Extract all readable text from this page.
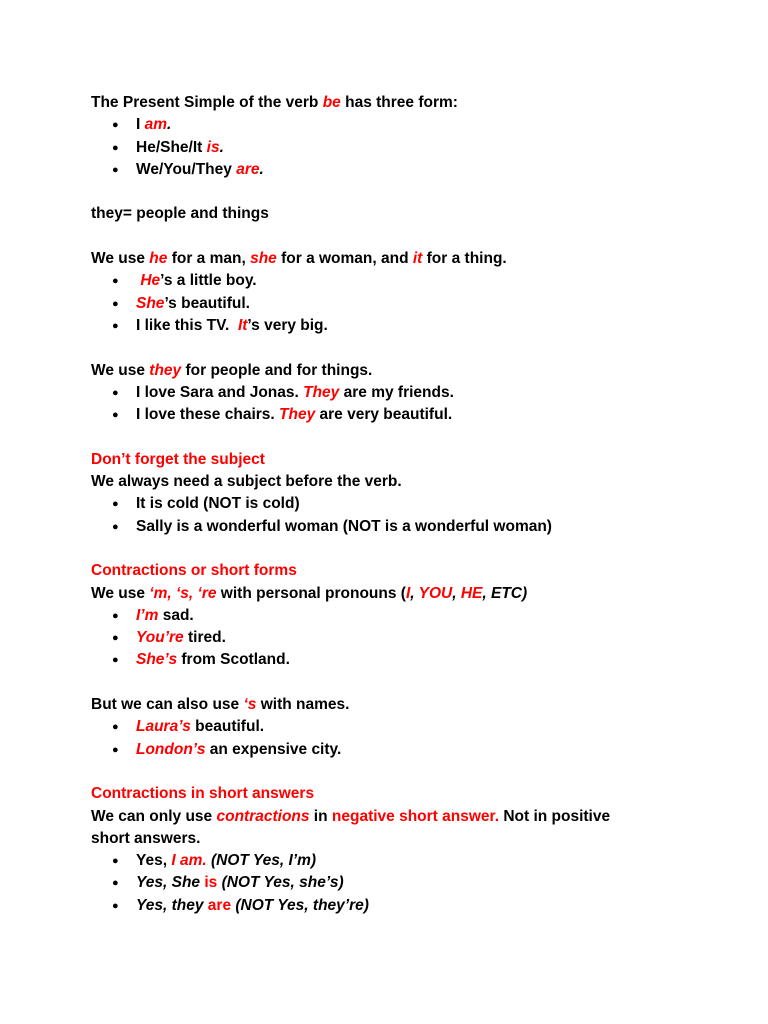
The Present Simple of the verb be has three form:
● I am.
● He/She/It is.
● We/You/They are.
they= people and things
We use he for a man, she for a woman, and it for a thing.
● He’s a little boy.
● She’s beautiful.
● I like this TV.  It’s very big.
We use they for people and for things.
● I love Sara and Jonas. They are my friends.
● I love these chairs. They are very beautiful.
Don’t forget the subject
We always need a subject before the verb.
● It is cold (NOT is cold)
● Sally is a wonderful woman (NOT is a wonderful woman)
Contractions or short forms
We use ‘m, ‘s, ‘re with personal pronouns (I, YOU, HE, ETC)
● I’m sad.
● You’re tired.
● She’s from Scotland.
But we can also use ‘s with names.
● Laura’s beautiful.
● London’s an expensive city.
Contractions in short answers
We can only use contractions in negative short answer. Not in positive
short answers.
● Yes, I am. (NOT Yes, I’m)
● Yes, She is (NOT Yes, she’s)
● Yes, they are (NOT Yes, they’re)
